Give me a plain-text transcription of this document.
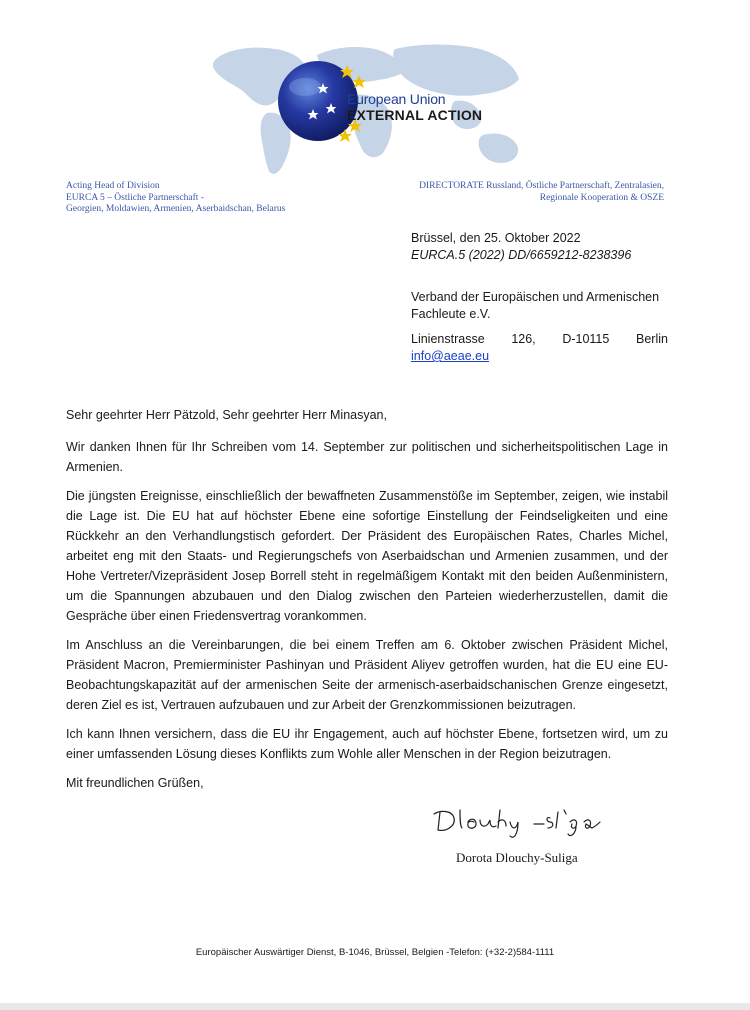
European Union
EXTERNAL ACTION
Acting Head of Division
EURCA 5 – Östliche Partnerschaft -
Georgien, Moldawien, Armenien, Aserbaidschan, Belarus
DIRECTORATE Russland, Östliche Partnerschaft, Zentralasien,
Regionale Kooperation & OSZE
Brüssel, den 25. Oktober 2022
EURCA.5 (2022) DD/6659212-8238396
Verband der Europäischen und Armenischen
Fachleute e.V.
Linienstrasse 126, D-10115 Berlin
info@aeae.eu

Sehr geehrter Herr Pätzold, Sehr geehrter Herr Minasyan,

Wir danken Ihnen für Ihr Schreiben vom 14. September zur politischen und sicherheitspolitischen Lage in Armenien.

Die jüngsten Ereignisse, einschließlich der bewaffneten Zusammenstöße im September, zeigen, wie instabil die Lage ist. Die EU hat auf höchster Ebene eine sofortige Einstellung der Feindseligkeiten und eine Rückkehr an den Verhandlungstisch gefordert. Der Präsident des Europäischen Rates, Charles Michel, arbeitet eng mit den Staats- und Regierungschefs von Aserbaidschan und Armenien zusammen, und der Hohe Vertreter/Vizepräsident Josep Borrell steht in regelmäßigem Kontakt mit den beiden Außenministern, um die Spannungen abzubauen und den Dialog zwischen den Parteien wiederherzustellen, damit die Gespräche über einen Friedensvertrag vorankommen.

Im Anschluss an die Vereinbarungen, die bei einem Treffen am 6. Oktober zwischen Präsident Michel, Präsident Macron, Premierminister Pashinyan und Präsident Aliyev getroffen wurden, hat die EU eine EU-Beobachtungskapazität auf der armenischen Seite der armenisch-aserbaidschanischen Grenze eingesetzt, deren Ziel es ist, Vertrauen aufzubauen und zur Arbeit der Grenzkommissionen beizutragen.

Ich kann Ihnen versichern, dass die EU ihr Engagement, auch auf höchster Ebene, fortsetzen wird, um zu einer umfassenden Lösung dieses Konflikts zum Wohle aller Menschen in der Region beizutragen.

Mit freundlichen Grüßen,

Dorota Dlouchy-Suliga
Europäischer Auswärtiger Dienst, B-1046, Brüssel, Belgien -Telefon: (+32-2)584-1111
